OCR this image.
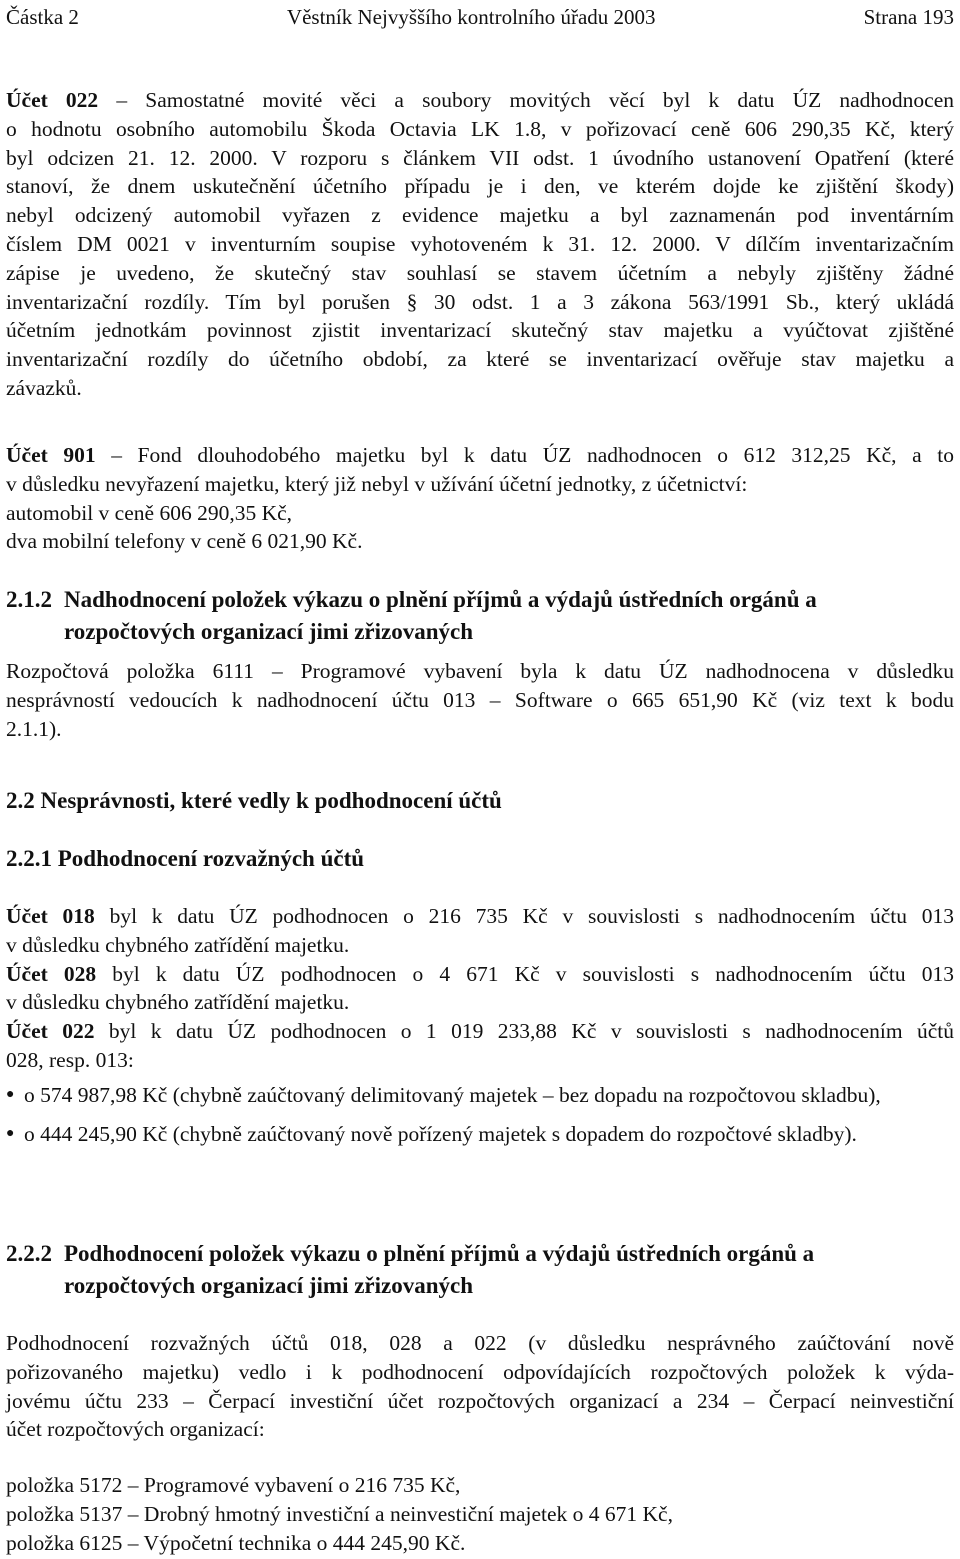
Částka 2	Věstník Nejvyššího kontrolního úřadu 2003	Strana 193

Účet 022 – Samostatné movité věci a soubory movitých věcí byl k datu ÚZ nadhodnocen

o hodnotu osobního automobilu Škoda Octavia LK 1.8, v pořizovací ceně 606 290,35 Kč, který

byl odcizen 21. 12. 2000. V rozporu s článkem VII odst. 1 úvodního ustanovení Opatření (které

stanoví, že dnem uskutečnění účetního případu je i den, ve kterém dojde ke zjištění škody)

nebyl odcizený automobil vyřazen z evidence majetku a byl zaznamenán pod inventárním

číslem DM 0021 v inventurním soupise vyhotoveném k 31. 12. 2000. V dílčím inventarizačním

zápise je uvedeno, že skutečný stav souhlasí se stavem účetním a nebyly zjištěny žádné

inventarizační rozdíly. Tím byl porušen § 30 odst. 1 a 3 zákona 563/1991 Sb., který ukládá

účetním jednotkám povinnost zjistit inventarizací skutečný stav majetku a vyúčtovat zjištěné

inventarizační rozdíly do účetního období, za které se inventarizací ověřuje stav majetku a

závazků.

Účet 901 – Fond dlouhodobého majetku byl k datu ÚZ nadhodnocen o 612 312,25 Kč, a to

v důsledku nevyřazení majetku, který již nebyl v užívání účetní jednotky, z účetnictví:

automobil v ceně 606 290,35 Kč,

dva mobilní telefony v ceně 6 021,90 Kč.

2.1.2 Nadhodnocení položek výkazu o plnění příjmů a výdajů ústředních orgánů a
rozpočtových organizací jimi zřizovaných

Rozpočtová položka 6111 – Programové vybavení byla k datu ÚZ nadhodnocena v důsledku

nesprávností vedoucích k nadhodnocení účtu 013 – Software o 665 651,90 Kč (viz text k bodu

2.1.1).

2.2 Nesprávnosti, které vedly k podhodnocení účtů
2.2.1 Podhodnocení rozvažných účtů

Účet 018 byl k datu ÚZ podhodnocen o 216 735 Kč v souvislosti s nadhodnocením účtu 013

v důsledku chybného zatřídění majetku.

Účet 028 byl k datu ÚZ podhodnocen o 4 671 Kč v souvislosti s nadhodnocením účtu 013

v důsledku chybného zatřídění majetku.

Účet 022 byl k datu ÚZ podhodnocen o 1 019 233,88 Kč v souvislosti s nadhodnocením účtů

028, resp. 013:

● o 574 987,98 Kč (chybně zaúčtovaný delimitovaný majetek – bez dopadu na rozpočtovou skladbu),
● o 444 245,90 Kč (chybně zaúčtovaný nově pořízený majetek s dopadem do rozpočtové skladby).
2.2.2 Podhodnocení položek výkazu o plnění příjmů a výdajů ústředních orgánů a
rozpočtových organizací jimi zřizovaných

Podhodnocení rozvažných účtů 018, 028 a 022 (v důsledku nesprávného zaúčtování nově

pořizovaného majetku) vedlo i k podhodnocení odpovídajících rozpočtových položek k výda-

jovému účtu 233 – Čerpací investiční účet rozpočtových organizací a 234 – Čerpací neinvestiční

účet rozpočtových organizací:

položka 5172 – Programové vybavení o 216 735 Kč,

položka 5137 – Drobný hmotný investiční a neinvestiční majetek o 4 671 Kč,

položka 6125 – Výpočetní technika o 444 245,90 Kč.
